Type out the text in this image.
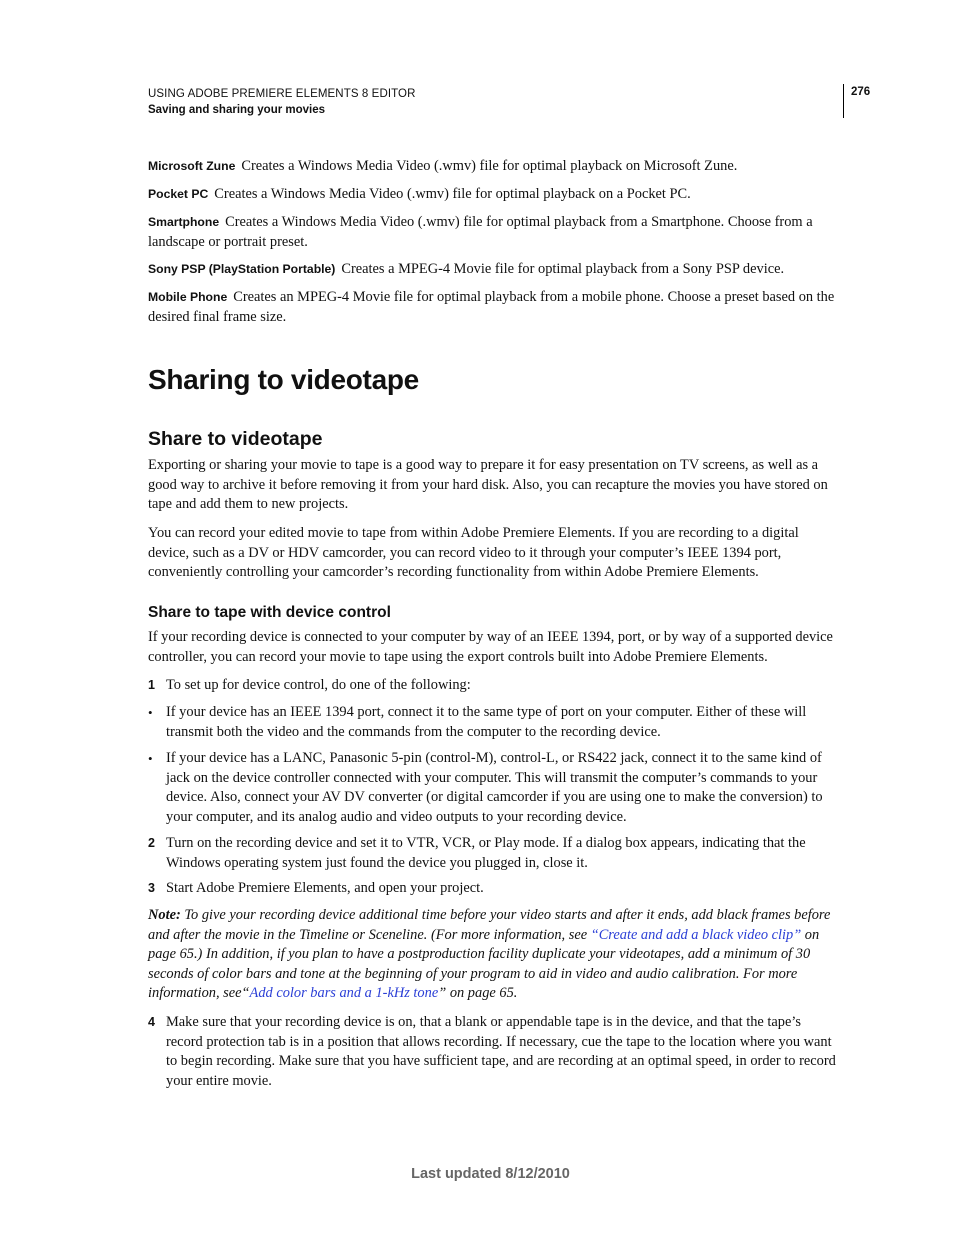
USING ADOBE PREMIERE ELEMENTS 8 EDITOR
Saving and sharing your movies
276

Microsoft Zune Creates a Windows Media Video (.wmv) file for optimal playback on Microsoft Zune.

Pocket PC Creates a Windows Media Video (.wmv) file for optimal playback on a Pocket PC.

Smartphone Creates a Windows Media Video (.wmv) file for optimal playback from a Smartphone. Choose from a landscape or portrait preset.

Sony PSP (PlayStation Portable) Creates a MPEG-4 Movie file for optimal playback from a Sony PSP device.

Mobile Phone Creates an MPEG-4 Movie file for optimal playback from a mobile phone. Choose a preset based on the desired final frame size.

Sharing to videotape
Share to videotape

Exporting or sharing your movie to tape is a good way to prepare it for easy presentation on TV screens, as well as a good way to archive it before removing it from your hard disk. Also, you can recapture the movies you have stored on tape and add them to new projects.

You can record your edited movie to tape from within Adobe Premiere Elements. If you are recording to a digital device, such as a DV or HDV camcorder, you can record video to it through your computer’s IEEE 1394 port, conveniently controlling your camcorder’s recording functionality from within Adobe Premiere Elements.

Share to tape with device control

If your recording device is connected to your computer by way of an IEEE 1394, port, or by way of a supported device controller, you can record your movie to tape using the export controls built into Adobe Premiere Elements.

1 To set up for device control, do one of the following:

• If your device has an IEEE 1394 port, connect it to the same type of port on your computer. Either of these will transmit both the video and the commands from the computer to the recording device.

• If your device has a LANC, Panasonic 5-pin (control-M), control-L, or RS422 jack, connect it to the same kind of jack on the device controller connected with your computer. This will transmit the computer’s commands to your device. Also, connect your AV DV converter (or digital camcorder if you are using one to make the conversion) to your computer, and its analog audio and video outputs to your recording device.

2 Turn on the recording device and set it to VTR, VCR, or Play mode. If a dialog box appears, indicating that the Windows operating system just found the device you plugged in, close it.

3 Start Adobe Premiere Elements, and open your project.

Note: To give your recording device additional time before your video starts and after it ends, add black frames before and after the movie in the Timeline or Sceneline. (For more information, see “Create and add a black video clip” on page 65.) In addition, if you plan to have a postproduction facility duplicate your videotapes, add a minimum of 30 seconds of color bars and tone at the beginning of your program to aid in video and audio calibration. For more information, see“Add color bars and a 1-kHz tone” on page 65.

4 Make sure that your recording device is on, that a blank or appendable tape is in the device, and that the tape’s record protection tab is in a position that allows recording. If necessary, cue the tape to the location where you want to begin recording. Make sure that you have sufficient tape, and are recording at an optimal speed, in order to record your entire movie.

Last updated 8/12/2010
